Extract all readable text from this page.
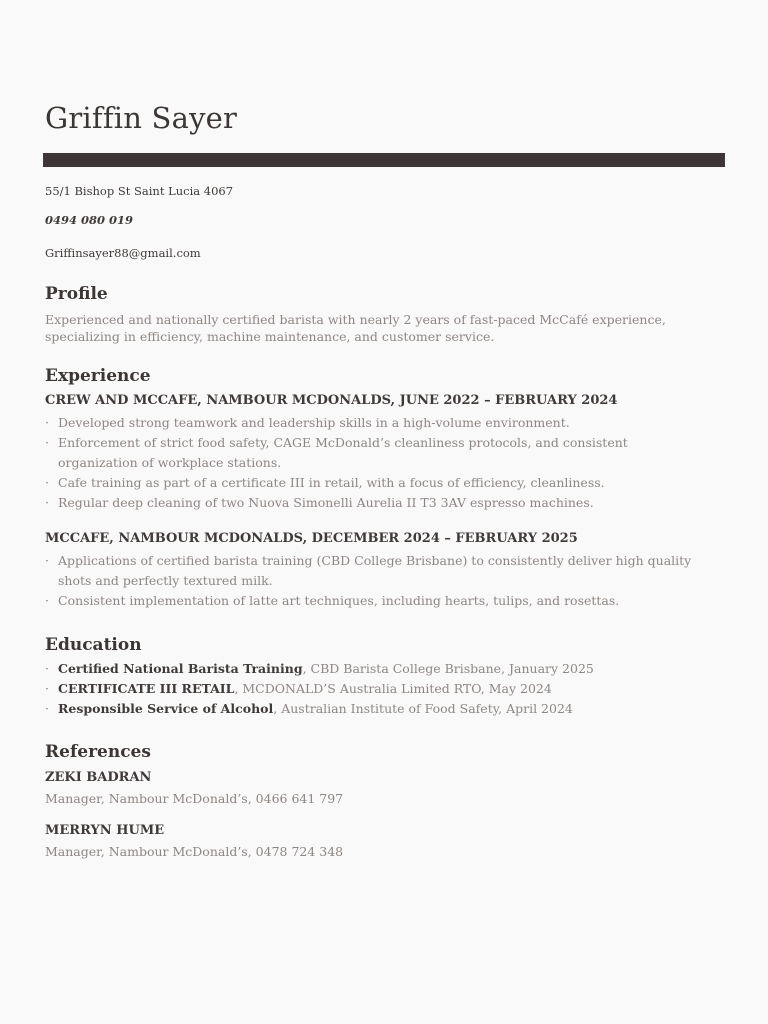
Griffin Sayer
55/1 Bishop St Saint Lucia 4067
0494 080 019
Griffinsayer88@gmail.com
Profile
Experienced and nationally certified barista with nearly 2 years of fast-paced McCafé experience, specializing in efficiency, machine maintenance, and customer service.
Experience
CREW AND MCCAFE, NAMBOUR MCDONALDS, JUNE 2022 – FEBRUARY 2024
· Developed strong teamwork and leadership skills in a high-volume environment.
· Enforcement of strict food safety, CAGE McDonald’s cleanliness protocols, and consistent organization of workplace stations.
· Cafe training as part of a certificate III in retail, with a focus of efficiency, cleanliness.
· Regular deep cleaning of two Nuova Simonelli Aurelia II T3 3AV espresso machines.
MCCAFE, NAMBOUR MCDONALDS, DECEMBER 2024 – FEBRUARY 2025
· Applications of certified barista training (CBD College Brisbane) to consistently deliver high quality shots and perfectly textured milk.
· Consistent implementation of latte art techniques, including hearts, tulips, and rosettas.
Education
· Certified National Barista Training, CBD Barista College Brisbane, January 2025
· CERTIFICATE III RETAIL, MCDONALD’S Australia Limited RTO, May 2024
· Responsible Service of Alcohol, Australian Institute of Food Safety, April 2024
References
ZEKI BADRAN
Manager, Nambour McDonald’s, 0466 641 797
MERRYN HUME
Manager, Nambour McDonald’s, 0478 724 348
